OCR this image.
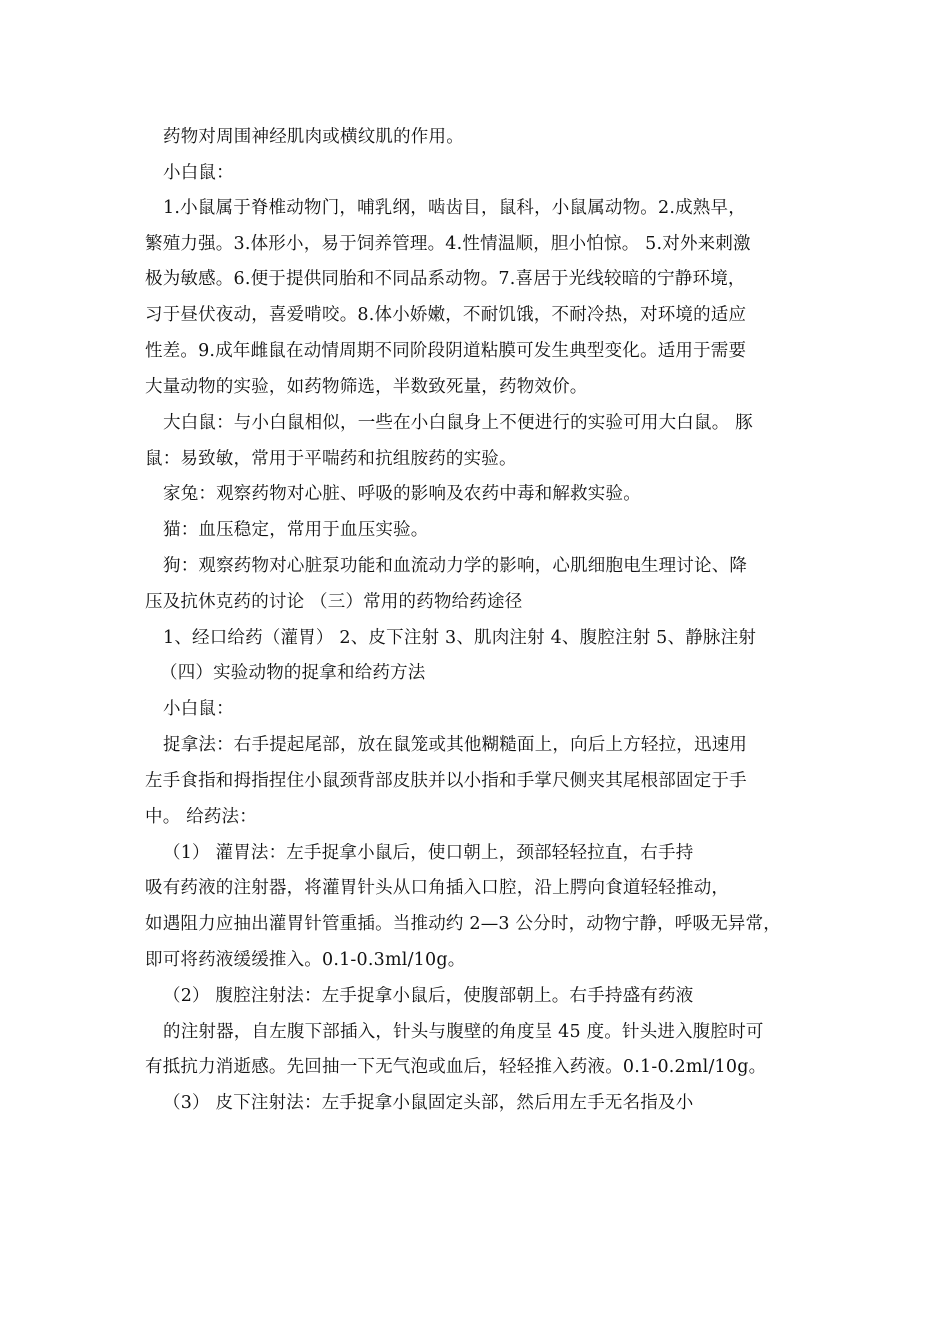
药物对周围神经肌肉或横纹肌的作用。
小白鼠：
1.小鼠属于脊椎动物门，哺乳纲，啮齿目，鼠科，小鼠属动物。2.成熟早，
繁殖力强。3.体形小，易于饲养管理。4.性情温顺，胆小怕惊。 5.对外来刺激
极为敏感。6.便于提供同胎和不同品系动物。7.喜居于光线较暗的宁静环境，
习于昼伏夜动，喜爱啃咬。8.体小娇嫩，不耐饥饿，不耐冷热，对环境的适应
性差。9.成年雌鼠在动情周期不同阶段阴道粘膜可发生典型变化。适用于需要
大量动物的实验，如药物筛选，半数致死量，药物效价。
大白鼠：与小白鼠相似，一些在小白鼠身上不便进行的实验可用大白鼠。 豚
鼠：易致敏，常用于平喘药和抗组胺药的实验。
家兔：观察药物对心脏、呼吸的影响及农药中毒和解救实验。
猫：血压稳定，常用于血压实验。
狗：观察药物对心脏泵功能和血流动力学的影响，心肌细胞电生理讨论、降
压及抗休克药的讨论 （三）常用的药物给药途径
1、经口给药（灌胃） 2、皮下注射 3、肌肉注射 4、腹腔注射 5、静脉注射
（四）实验动物的捉拿和给药方法
小白鼠：
捉拿法：右手提起尾部，放在鼠笼或其他糊糙面上，向后上方轻拉，迅速用
左手食指和拇指捏住小鼠颈背部皮肤并以小指和手掌尺侧夹其尾根部固定于手
中。 给药法：
（1） 灌胃法：左手捉拿小鼠后，使口朝上，颈部轻轻拉直，右手持
吸有药液的注射器，将灌胃针头从口角插入口腔，沿上腭向食道轻轻推动，
如遇阻力应抽出灌胃针管重插。当推动约 2—3 公分时，动物宁静，呼吸无异常，
即可将药液缓缓推入。0.1-0.3ml/10g。
（2） 腹腔注射法：左手捉拿小鼠后，使腹部朝上。右手持盛有药液
的注射器，自左腹下部插入，针头与腹壁的角度呈 45 度。针头进入腹腔时可
有抵抗力消逝感。先回抽一下无气泡或血后，轻轻推入药液。0.1-0.2ml/10g。
（3） 皮下注射法：左手捉拿小鼠固定头部，然后用左手无名指及小
